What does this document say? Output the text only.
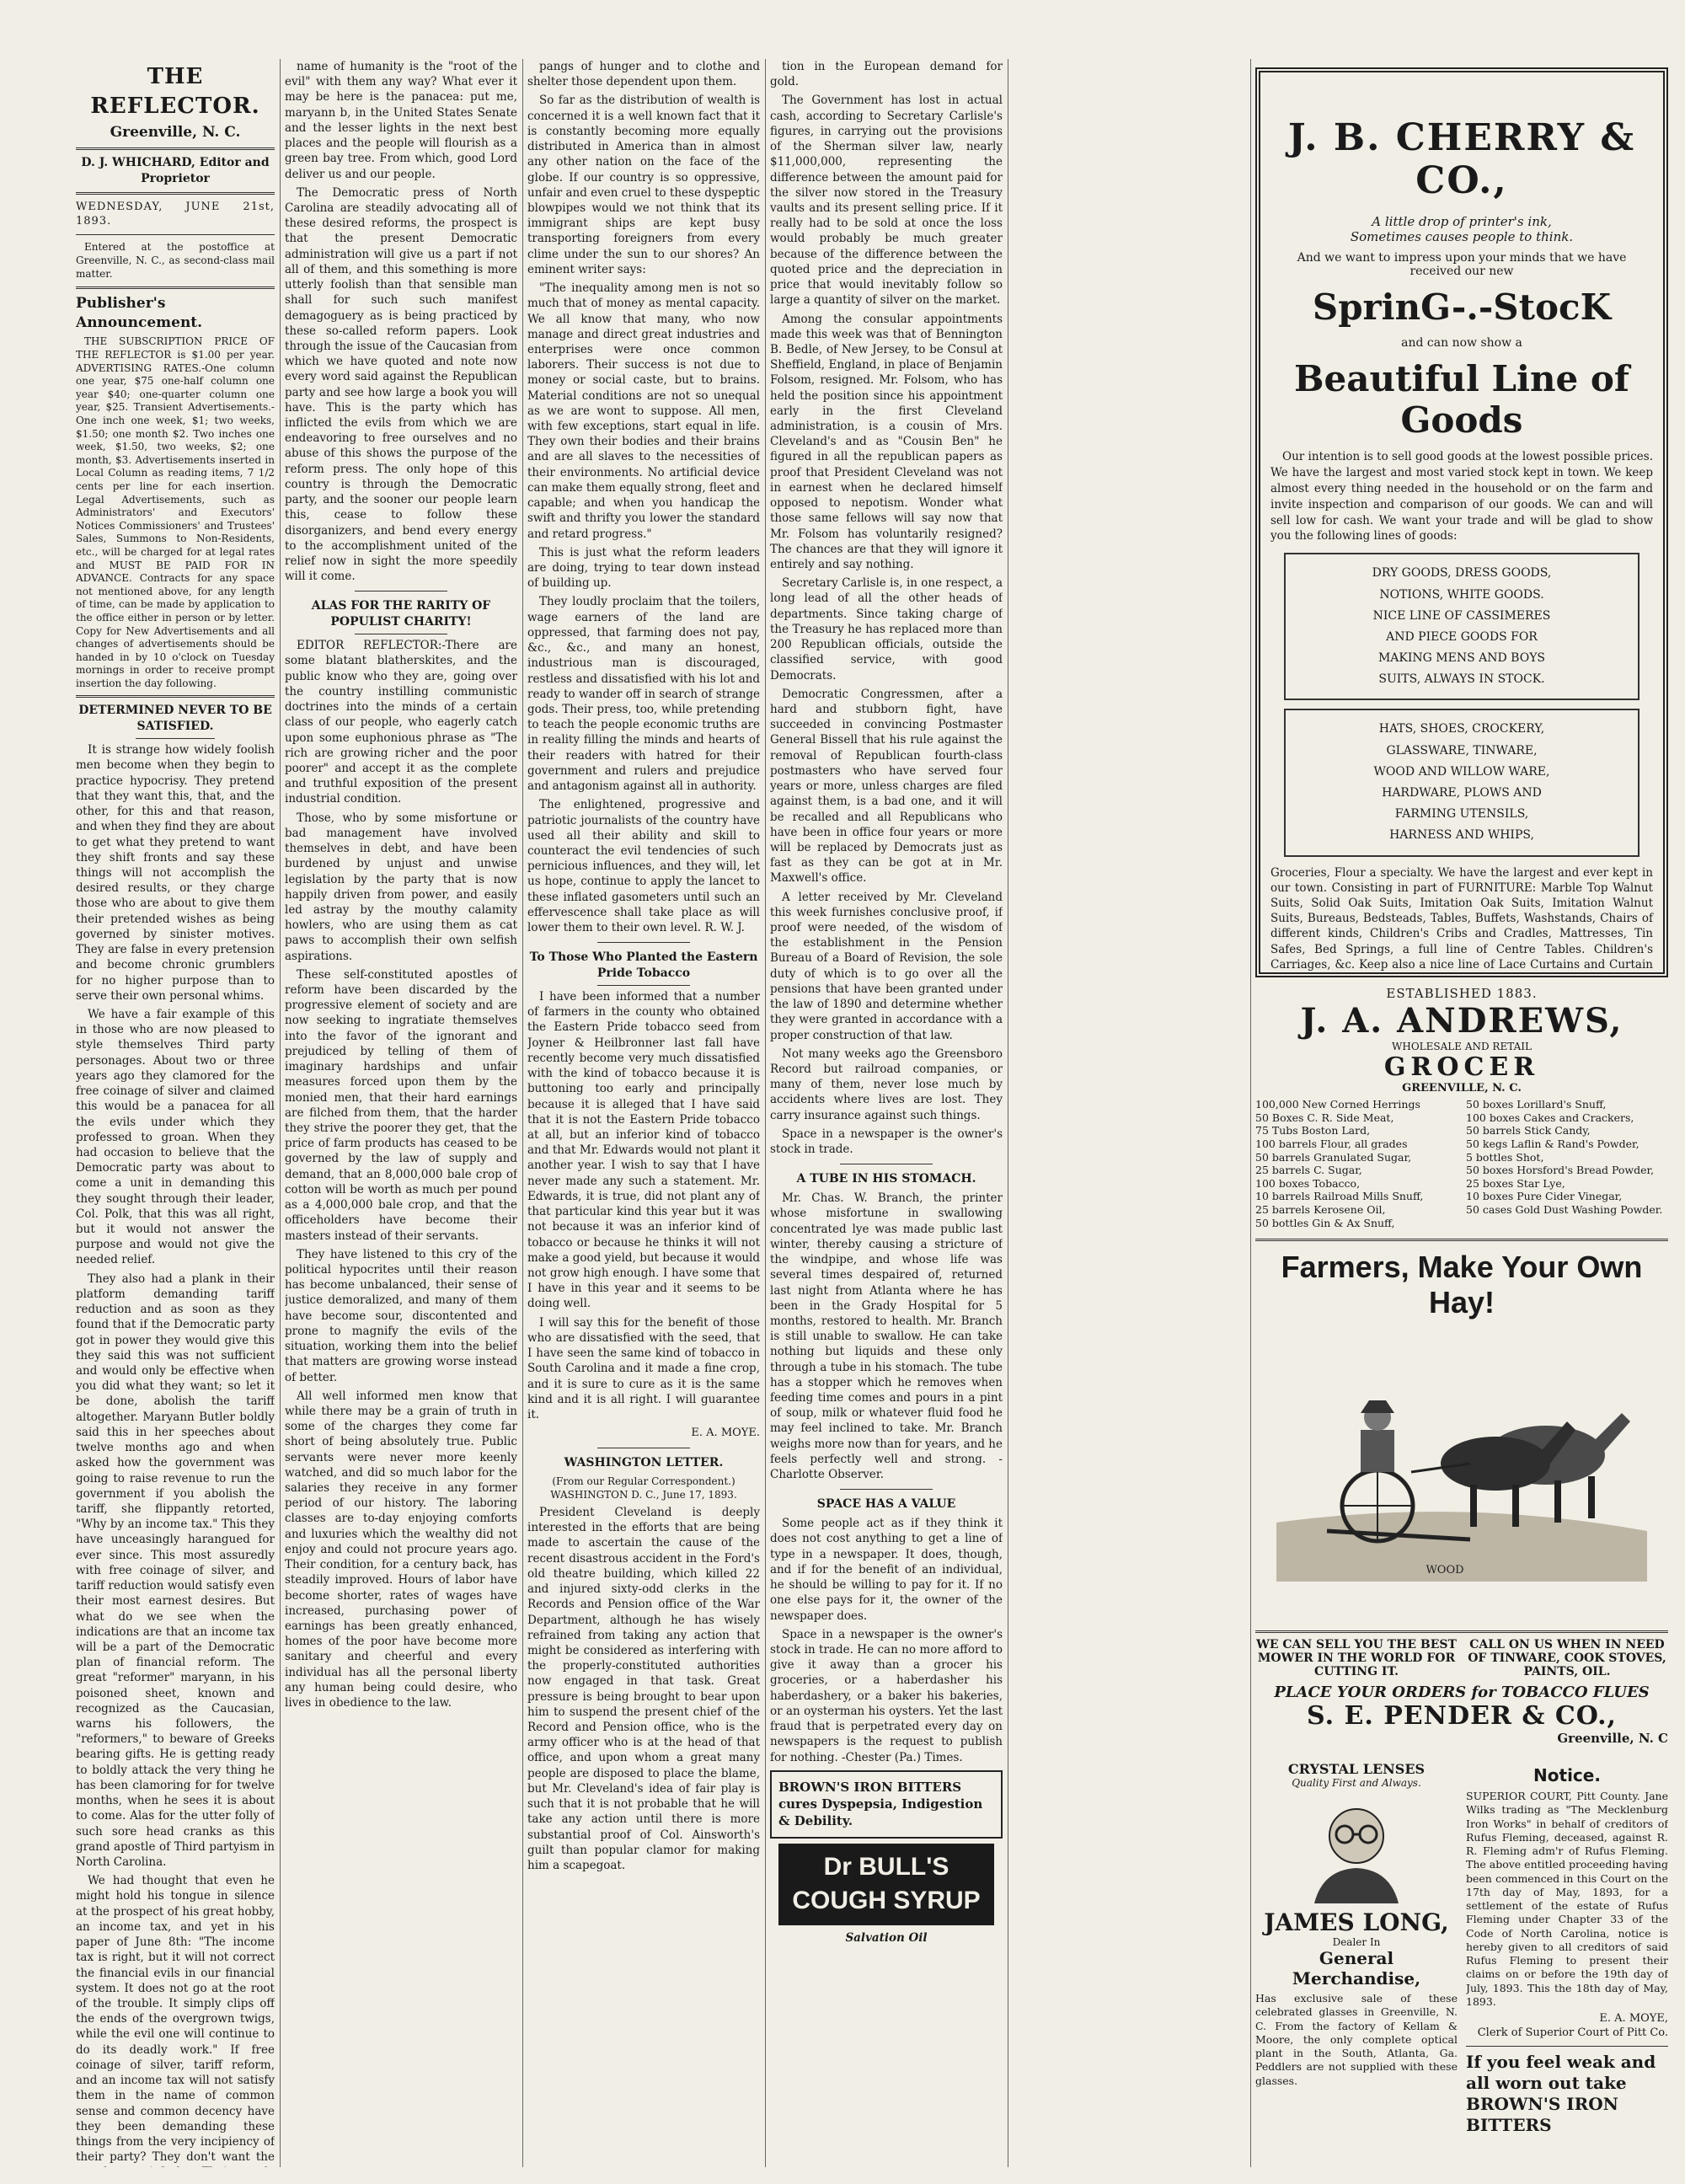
THE REFLECTOR.
Greenville, N. C.
D. J. WHICHARD, Editor and Proprietor
WEDNESDAY, JUNE 21st, 1893.
Entered at the postoffice at Greenville, N. C., as second-class mail matter.
Publisher's Announcement.
THE SUBSCRIPTION PRICE OF THE REFLECTOR is $1.00 per year. ADVERTISING RATES.-One column one year, $75 one-half column one year $40; one-quarter column one year, $25. Transient Advertisements.-One inch one week, $1; two weeks, $1.50; one month $2. Two inches one week, $1.50, two weeks, $2; one month, $3. Advertisements inserted in Local Column as reading items, 7 1/2 cents per line for each insertion. Legal Advertisements, such as Administrators' and Executors' Notices Commissioners' and Trustees' Sales, Summons to Non-Residents, etc., will be charged for at legal rates and MUST BE PAID FOR IN ADVANCE. Contracts for any space not mentioned above, for any length of time, can be made by application to the office either in person or by letter. Copy for New Advertisements and all changes of advertisements should be handed in by 10 o'clock on Tuesday mornings in order to receive prompt insertion the day following.
DETERMINED NEVER TO BE SATISFIED.

It is strange how widely foolish men become when they begin to practice hypocrisy. They pretend that they want this, that, and the other, for this and that reason, and when they find they are about to get what they pretend to want they shift fronts and say these things will not accomplish the desired results, or they charge those who are about to give them their pretended wishes as being governed by sinister motives. They are false in every pretension and become chronic grumblers for no higher purpose than to serve their own personal whims.

We have a fair example of this in those who are now pleased to style themselves Third party personages. About two or three years ago they clamored for the free coinage of silver and claimed this would be a panacea for all the evils under which they professed to groan. When they had occasion to believe that the Democratic party was about to come a unit in demanding this they sought through their leader, Col. Polk, that this was all right, but it would not answer the purpose and would not give the needed relief.

They also had a plank in their platform demanding tariff reduction and as soon as they found that if the Democratic party got in power they would give this they said this was not sufficient and would only be effective when you did what they want; so let it be done, abolish the tariff altogether. Maryann Butler boldly said this in her speeches about twelve months ago and when asked how the government was going to raise revenue to run the government if you abolish the tariff, she flippantly retorted, "Why by an income tax." This they have unceasingly harangued for ever since. This most assuredly with free coinage of silver, and tariff reduction would satisfy even their most earnest desires. But what do we see when the indications are that an income tax will be a part of the Democratic plan of financial reform. The great "reformer" maryann, in his poisoned sheet, known and recognized as the Caucasian, warns his followers, the "reformers," to beware of Greeks bearing gifts. He is getting ready to boldly attack the very thing he has been clamoring for for twelve months, when he sees it is about to come. Alas for the utter folly of such sore head cranks as this grand apostle of Third partyism in North Carolina.

We had thought that even he might hold his tongue in silence at the prospect of his great hobby, an income tax, and yet in his paper of June 8th: "The income tax is right, but it will not correct the financial evils in our financial system. It does not go at the root of the trouble. It simply clips off the ends of the overgrown twigs, while the evil one will continue to do its deadly work." If free coinage of silver, tariff reform, and an income tax will not satisfy them in the name of common sense and common decency have they been demanding these things from the very incipiency of their party? They don't want the

name of humanity is the "root of the evil" with them any way? What ever it may be here is the panacea: put me, maryann b, in the United States Senate and the lesser lights in the next best places and the people will flourish as a green bay tree. From which, good Lord deliver us and our people.

The Democratic press of North Carolina are steadily advocating all of these desired reforms, the prospect is that the present Democratic administration will give us a part if not all of them, and this something is more utterly foolish than that sensible man shall for such such manifest demagoguery as is being practiced by these so-called reform papers. Look through the issue of the Caucasian from which we have quoted and note now every word said against the Republican party and see how large a book you will have. This is the party which has inflicted the evils from which we are endeavoring to free ourselves and no abuse of this shows the purpose of the reform press. The only hope of this country is through the Democratic party, and the sooner our people learn this, cease to follow these disorganizers, and bend every energy to the accomplishment united of the relief now in sight the more speedily will it come.

ALAS FOR THE RARITY OF POPULIST CHARITY!

EDITOR REFLECTOR:-There are some blatant blatherskites, and the public know who they are, going over the country instilling communistic doctrines into the minds of a certain class of our people, who eagerly catch upon some euphonious phrase as "The rich are growing richer and the poor poorer" and accept it as the complete and truthful exposition of the present industrial condition.

Those, who by some misfortune or bad management have involved themselves in debt, and have been burdened by unjust and unwise legislation by the party that is now happily driven from power, and easily led astray by the mouthy calamity howlers, who are using them as cat paws to accomplish their own selfish aspirations.

These self-constituted apostles of reform have been discarded by the progressive element of society and are now seeking to ingratiate themselves into the favor of the ignorant and prejudiced by telling of them of imaginary hardships and unfair measures forced upon them by the monied men, that their hard earnings are filched from them, that the harder they strive the poorer they get, that the price of farm products has ceased to be governed by the law of supply and demand, that an 8,000,000 bale crop of cotton will be worth as much per pound as a 4,000,000 bale crop, and that the officeholders have become their masters instead of their servants.

They have listened to this cry of the political hypocrites until their reason has become unbalanced, their sense of justice demoralized, and many of them have become sour, discontented and prone to magnify the evils of the situation, working them into the belief that matters are growing worse instead of better.

All well informed men know that while there may be a grain of truth in some of the charges they come far short of being absolutely true. Public servants were never more keenly watched, and did so much labor for the salaries they receive in any former period of our history. The laboring classes are to-day enjoying comforts and luxuries which the wealthy did not enjoy and could not procure years ago. Their condition, for a century back, has steadily improved. Hours of labor have become shorter, rates of wages have increased, purchasing power of earnings has been greatly enhanced, homes of the poor have become more sanitary and cheerful and every individual has all the personal liberty any human being could desire, who lives in obedience to the law.

pangs of hunger and to clothe and shelter those dependent upon them.

So far as the distribution of wealth is concerned it is a well known fact that it is constantly becoming more equally distributed in America than in almost any other nation on the face of the globe. If our country is so oppressive, unfair and even cruel to these dyspeptic blowpipes would we not think that its immigrant ships are kept busy transporting foreigners from every clime under the sun to our shores? An eminent writer says:

"The inequality among men is not so much that of money as mental capacity. We all know that many, who now manage and direct great industries and enterprises were once common laborers. Their success is not due to money or social caste, but to brains. Material conditions are not so unequal as we are wont to suppose. All men, with few exceptions, start equal in life. They own their bodies and their brains and are all slaves to the necessities of their environments. No artificial device can make them equally strong, fleet and capable; and when you handicap the swift and thrifty you lower the standard and retard progress."

This is just what the reform leaders are doing, trying to tear down instead of building up.

They loudly proclaim that the toilers, wage earners of the land are oppressed, that farming does not pay, &c., &c., and many an honest, industrious man is discouraged, restless and dissatisfied with his lot and ready to wander off in search of strange gods. Their press, too, while pretending to teach the people economic truths are in reality filling the minds and hearts of their readers with hatred for their government and rulers and prejudice and antagonism against all in authority.

The enlightened, progressive and patriotic journalists of the country have used all their ability and skill to counteract the evil tendencies of such pernicious influences, and they will, let us hope, continue to apply the lancet to these inflated gasometers until such an effervescence shall take place as will lower them to their own level. R. W. J.

To Those Who Planted the Eastern Pride Tobacco

I have been informed that a number of farmers in the county who obtained the Eastern Pride tobacco seed from Joyner & Heilbronner last fall have recently become very much dissatisfied with the kind of tobacco because it is buttoning too early and principally because it is alleged that I have said that it is not the Eastern Pride tobacco at all, but an inferior kind of tobacco and that Mr. Edwards would not plant it another year. I wish to say that I have never made any such a statement. Mr. Edwards, it is true, did not plant any of that particular kind this year but it was not because it was an inferior kind of tobacco or because he thinks it will not make a good yield, but because it would not grow high enough. I have some that I have in this year and it seems to be doing well.

I will say this for the benefit of those who are dissatisfied with the seed, that I have seen the same kind of tobacco in South Carolina and it made a fine crop, and it is sure to cure as it is the same kind and it is all right. I will guarantee it.

E. A. MOYE.

WASHINGTON LETTER.

(From our Regular Correspondent.) WASHINGTON D. C., June 17, 1893.

President Cleveland is deeply interested in the efforts that are being made to ascertain the cause of the recent disastrous accident in the Ford's old theatre building, which killed 22 and injured sixty-odd clerks in the Records and Pension office of the War Department, although he has wisely refrained from taking any action that might be considered as interfering with the properly-constituted authorities now engaged in that task. Great pressure is being brought to bear upon him to suspend the present chief of the Record and Pension office, who is the army officer who is at the head of that office, and upon whom a great many people are disposed to place the blame, but Mr. Cleveland's idea of fair play is such that it is not probable that he will take any action until there is more substantial proof of Col. Ainsworth's guilt than popular clamor for making him a scapegoat.

tion in the European demand for gold.

The Government has lost in actual cash, according to Secretary Carlisle's figures, in carrying out the provisions of the Sherman silver law, nearly $11,000,000, representing the difference between the amount paid for the silver now stored in the Treasury vaults and its present selling price. If it really had to be sold at once the loss would probably be much greater because of the difference between the quoted price and the depreciation in price that would inevitably follow so large a quantity of silver on the market.

Among the consular appointments made this week was that of Bennington B. Bedle, of New Jersey, to be Consul at Sheffield, England, in place of Benjamin Folsom, resigned. Mr. Folsom, who has held the position since his appointment early in the first Cleveland administration, is a cousin of Mrs. Cleveland's and as "Cousin Ben" he figured in all the republican papers as proof that President Cleveland was not in earnest when he declared himself opposed to nepotism. Wonder what those same fellows will say now that Mr. Folsom has voluntarily resigned? The chances are that they will ignore it entirely and say nothing.

Secretary Carlisle is, in one respect, a long lead of all the other heads of departments. Since taking charge of the Treasury he has replaced more than 200 Republican officials, outside the classified service, with good Democrats.

Democratic Congressmen, after a hard and stubborn fight, have succeeded in convincing Postmaster General Bissell that his rule against the removal of Republican fourth-class postmasters who have served four years or more, unless charges are filed against them, is a bad one, and it will be recalled and all Republicans who have been in office four years or more will be replaced by Democrats just as fast as they can be got at in Mr. Maxwell's office.

A letter received by Mr. Cleveland this week furnishes conclusive proof, if proof were needed, of the wisdom of the establishment in the Pension Bureau of a Board of Revision, the sole duty of which is to go over all the pensions that have been granted under the law of 1890 and determine whether they were granted in accordance with a proper construction of that law.

Not many weeks ago the Greensboro Record but railroad companies, or many of them, never lose much by accidents where lives are lost. They carry insurance against such things.

Space in a newspaper is the owner's stock in trade.

A TUBE IN HIS STOMACH.

Mr. Chas. W. Branch, the printer whose misfortune in swallowing concentrated lye was made public last winter, thereby causing a stricture of the windpipe, and whose life was several times despaired of, returned last night from Atlanta where he has been in the Grady Hospital for 5 months, restored to health. Mr. Branch is still unable to swallow. He can take nothing but liquids and these only through a tube in his stomach. The tube has a stopper which he removes when feeding time comes and pours in a pint of soup, milk or whatever fluid food he may feel inclined to take. Mr. Branch weighs more now than for years, and he feels perfectly well and strong. -Charlotte Observer.

SPACE HAS A VALUE

Some people act as if they think it does not cost anything to get a line of type in a newspaper. It does, though, and if for the benefit of an individual, he should be willing to pay for it. If no one else pays for it, the owner of the newspaper does.

Space in a newspaper is the owner's stock in trade. He can no more afford to give it away than a grocer his groceries, or a haberdasher his haberdashery, or a baker his bakeries, or an oysterman his oysters. Yet the last fraud that is perpetrated every day on newspapers is the request to publish for nothing. -Chester (Pa.) Times.

BROWN'S IRON BITTERS cures Dyspepsia, Indigestion & Debility.
Dr BULL'S COUGH SYRUP
Salvation Oil
J. B. CHERRY & CO.,
A little drop of printer's ink,
Sometimes causes people to think.
And we want to impress upon your minds that we have received our new
SprinG-.-StocK
and can now show a
Beautiful Line of Goods
Our intention is to sell good goods at the lowest possible prices. We have the largest and most varied stock kept in town. We keep almost every thing needed in the household or on the farm and invite inspection and comparison of our goods. We can and will sell low for cash. We want your trade and will be glad to show you the following lines of goods:
DRY GOODS, DRESS GOODS,
NOTIONS, WHITE GOODS.
NICE LINE OF CASSIMERES
AND PIECE GOODS FOR
MAKING MENS AND BOYS
SUITS, ALWAYS IN STOCK.
HATS, SHOES, CROCKERY,
GLASSWARE, TINWARE,
WOOD AND WILLOW WARE,
HARDWARE, PLOWS AND
FARMING UTENSILS,
HARNESS AND WHIPS,
Groceries, Flour a specialty. We have the largest and ever kept in our town. Consisting in part of FURNITURE: Marble Top Walnut Suits, Solid Oak Suits, Imitation Oak Suits, Imitation Walnut Suits, Bureaus, Bedsteads, Tables, Buffets, Washstands, Chairs of different kinds, Children's Cribs and Cradles, Mattresses, Tin Safes, Bed Springs, a full line of Centre Tables. Children's Carriages, &c. Keep also a nice line of Lace Curtains and Curtain
ESTABLISHED 1883.
J. A. ANDREWS,
WHOLESALE AND RETAIL
GROCER
GREENVILLE, N. C.
100,000 New Corned Herrings
50 Boxes C. R. Side Meat,
75 Tubs Boston Lard,
100 barrels Flour, all grades
50 barrels Granulated Sugar,
25 barrels C. Sugar,
100 boxes Tobacco,
10 barrels Railroad Mills Snuff,
25 barrels Kerosene Oil,
50 bottles Gin & Ax Snuff,
50 boxes Lorillard's Snuff,
100 boxes Cakes and Crackers,
50 barrels Stick Candy,
50 kegs Laflin & Rand's Powder,
5 bottles Shot,
50 boxes Horsford's Bread Powder,
25 boxes Star Lye,
10 boxes Pure Cider Vinegar,
50 cases Gold Dust Washing Powder.
Farmers, Make Your Own Hay!
WOOD
WE CAN SELL YOU THE BEST MOWER IN THE WORLD FOR CUTTING IT.
CALL ON US WHEN IN NEED OF TINWARE, COOK STOVES, PAINTS, OIL.
PLACE YOUR ORDERS for TOBACCO FLUES
S. E. PENDER & CO.,
Greenville, N. C
CRYSTAL LENSES
Quality First and Always.
JAMES LONG,
Dealer In
General Merchandise,
Has exclusive sale of these celebrated glasses in Greenville, N. C. From the factory of Kellam & Moore, the only complete optical plant in the South, Atlanta, Ga. Peddlers are not supplied with these glasses.
Notice.
SUPERIOR COURT, Pitt County. Jane Wilks trading as "The Mecklenburg Iron Works" in behalf of creditors of Rufus Fleming, deceased, against R. R. Fleming adm'r of Rufus Fleming. The above entitled proceeding having been commenced in this Court on the 17th day of May, 1893, for a settlement of the estate of Rufus Fleming under Chapter 33 of the Code of North Carolina, notice is hereby given to all creditors of said Rufus Fleming to present their claims on or before the 19th day of July, 1893. This the 18th day of May, 1893.
E. A. MOYE,
Clerk of Superior Court of Pitt Co.
If you feel weak and all worn out take BROWN'S IRON BITTERS
